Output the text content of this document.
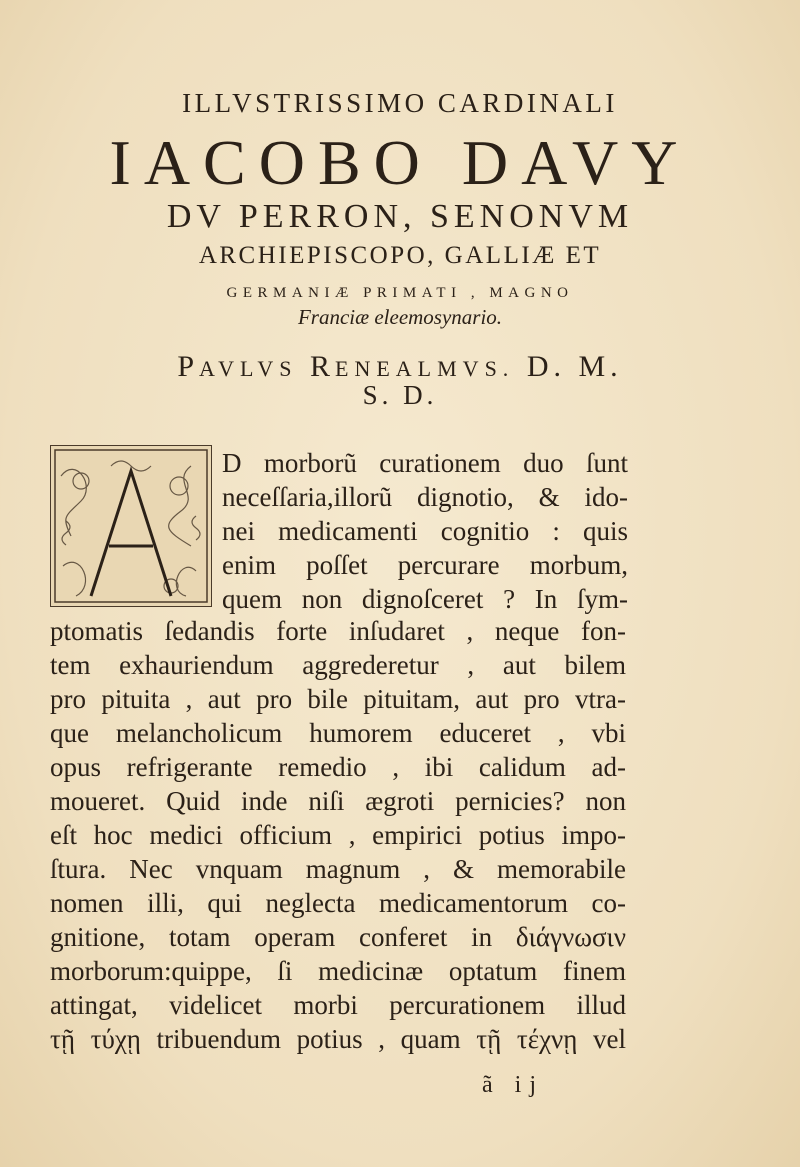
ILLVSTRISSIMO CARDINALI
IACOBO DAVY
DV PERRON, SENONVM
ARCHIEPISCOPO, GALLIÆ ET
GERMANIÆ PRIMATI , MAGNO
Franciæ eleemosynario.
PAVLVS RENEALMVS. D. M.
S. D.
D morborũ curationem duo ſunt
neceſſaria,illorũ dignotio, & ido-
nei medicamenti cognitio : quis
enim poſſet percurare morbum,
quem non dignoſceret ? In ſym-
ptomatis ſedandis forte inſudaret , neque fon-
tem exhauriendum aggrederetur , aut bilem
pro pituita , aut pro bile pituitam, aut pro vtra-
que melancholicum humorem educeret , vbi
opus refrigerante remedio , ibi calidum ad-
moueret. Quid inde niſi ægroti pernicies? non
eſt hoc medici officium , empirici potius impo-
ſtura. Nec vnquam magnum , & memorabile
nomen illi, qui neglecta medicamentorum co-
gnitione, totam operam conferet in διάγνωσιν
morborum:quippe, ſi medicinæ optatum finem
attingat, videlicet morbi percurationem illud
τῇ τύχῃ tribuendum potius , quam τῇ τέχνῃ vel
ã ij
